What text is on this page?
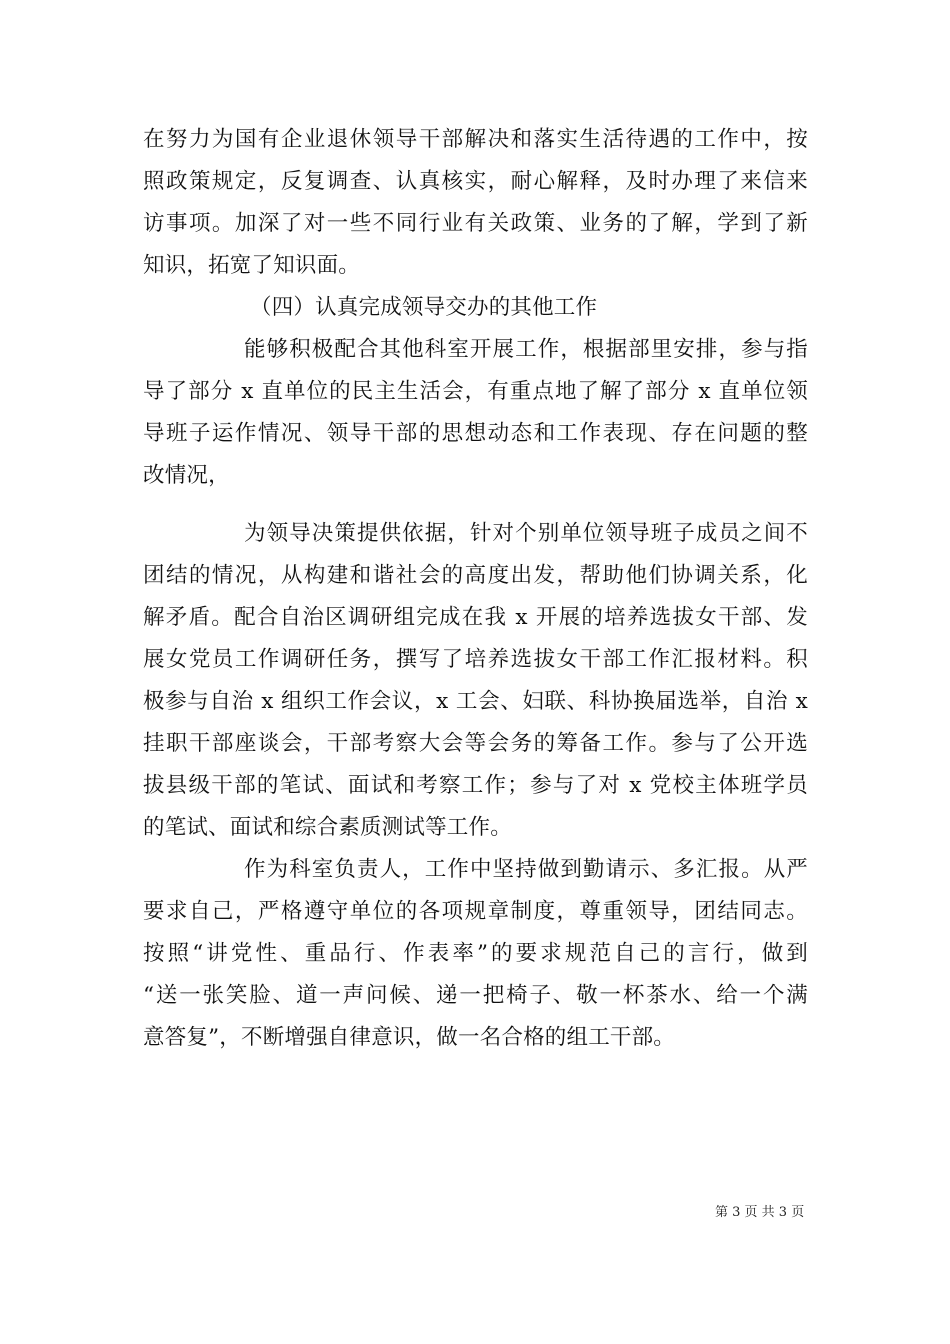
在努力为国有企业退休领导干部解决和落实生活待遇的工作中，按
照政策规定，反复调查、认真核实，耐心解释，及时办理了来信来
访事项。加深了对一些不同行业有关政策、业务的了解，学到了新
知识，拓宽了知识面。
（四）认真完成领导交办的其他工作
能够积极配合其他科室开展工作，根据部里安排，参与指
导了部分 x 直单位的民主生活会，有重点地了解了部分 x 直单位领
导班子运作情况、领导干部的思想动态和工作表现、存在问题的整
改情况，
为领导决策提供依据，针对个别单位领导班子成员之间不
团结的情况，从构建和谐社会的高度出发，帮助他们协调关系，化
解矛盾。配合自治区调研组完成在我 x 开展的培养选拔女干部、发
展女党员工作调研任务，撰写了培养选拔女干部工作汇报材料。积
极参与自治 x 组织工作会议，x 工会、妇联、科协换届选举，自治 x
挂职干部座谈会，干部考察大会等会务的筹备工作。参与了公开选
拔县级干部的笔试、面试和考察工作；参与了对 x 党校主体班学员
的笔试、面试和综合素质测试等工作。
作为科室负责人，工作中坚持做到勤请示、多汇报。从严
要求自己，严格遵守单位的各项规章制度，尊重领导，团结同志。
按照“讲党性、重品行、作表率”的要求规范自己的言行，做到
“送一张笑脸、道一声问候、递一把椅子、敬一杯茶水、给一个满
意答复”，不断增强自律意识，做一名合格的组工干部。
第 3 页 共 3 页
